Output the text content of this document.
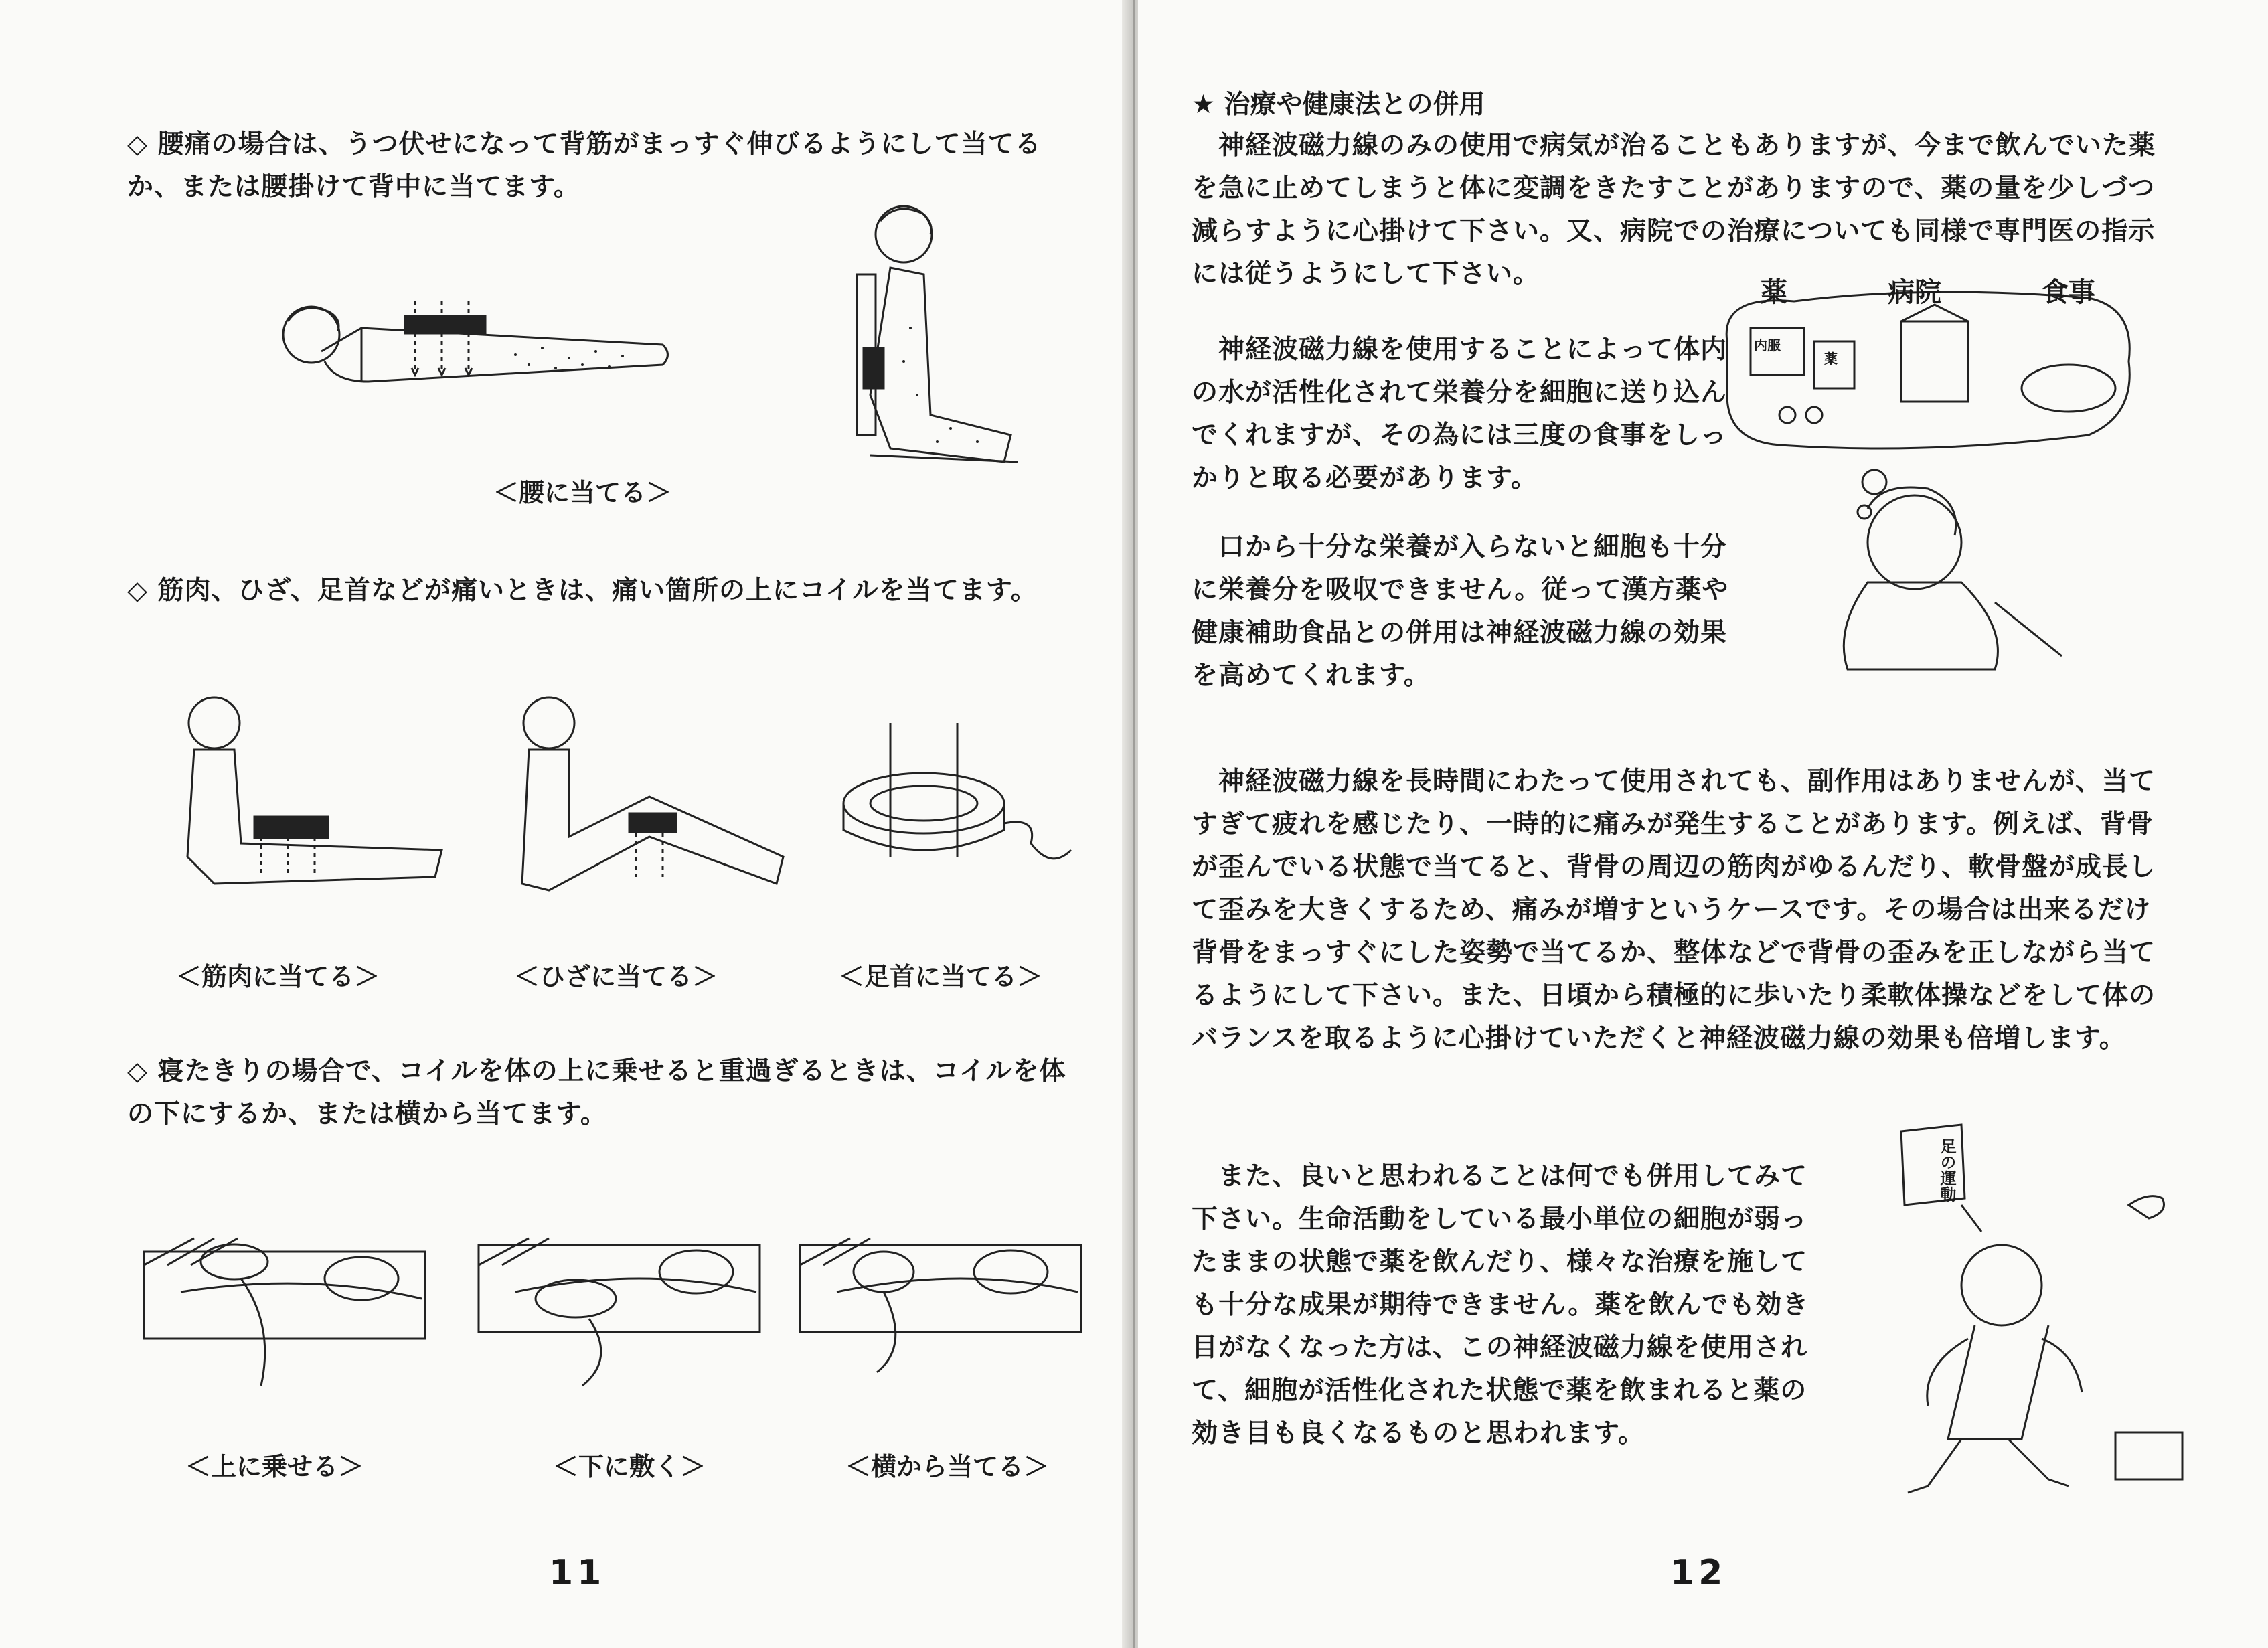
◇ 腰痛の場合は、うつ伏せになって背筋がまっすぐ伸びるようにして当てるか、または腰掛けて背中に当てます。

＜腰に当てる＞

◇ 筋肉、ひざ、足首などが痛いときは、痛い箇所の上にコイルを当てます。

＜筋肉に当てる＞	＜ひざに当てる＞	＜足首に当てる＞

◇ 寝たきりの場合で、コイルを体の上に乗せると重過ぎるときは、コイルを体の下にするか、または横から当てます。

＜上に乗せる＞	＜下に敷く＞	＜横から当てる＞
11
★ 治療や健康法との併用

神経波磁力線のみの使用で病気が治ることもありますが、今まで飲んでいた薬を急に止めてしまうと体に変調をきたすことがありますので、薬の量を少しづつ減らすように心掛けて下さい。又、病院での治療についても同様で専門医の指示には従うようにして下さい。

神経波磁力線を使用することによって体内の水が活性化されて栄養分を細胞に送り込んでくれますが、その為には三度の食事をしっかりと取る必要があります。

口から十分な栄養が入らないと細胞も十分に栄養分を吸収できません。従って漢方薬や健康補助食品との併用は神経波磁力線の効果を高めてくれます。

薬	病院	食事
内服
薬

神経波磁力線を長時間にわたって使用されても、副作用はありませんが、当てすぎて疲れを感じたり、一時的に痛みが発生することがあります。例えば、背骨が歪んでいる状態で当てると、背骨の周辺の筋肉がゆるんだり、軟骨盤が成長して歪みを大きくするため、痛みが増すというケースです。その場合は出来るだけ背骨をまっすぐにした姿勢で当てるか、整体などで背骨の歪みを正しながら当てるようにして下さい。また、日頃から積極的に歩いたり柔軟体操などをして体のバランスを取るように心掛けていただくと神経波磁力線の効果も倍増します。

また、良いと思われることは何でも併用してみて下さい。生命活動をしている最小単位の細胞が弱ったままの状態で薬を飲んだり、様々な治療を施しても十分な成果が期待できません。薬を飲んでも効き目がなくなった方は、この神経波磁力線を使用されて、細胞が活性化された状態で薬を飲まれると薬の効き目も良くなるものと思われます。

足の運動
12
